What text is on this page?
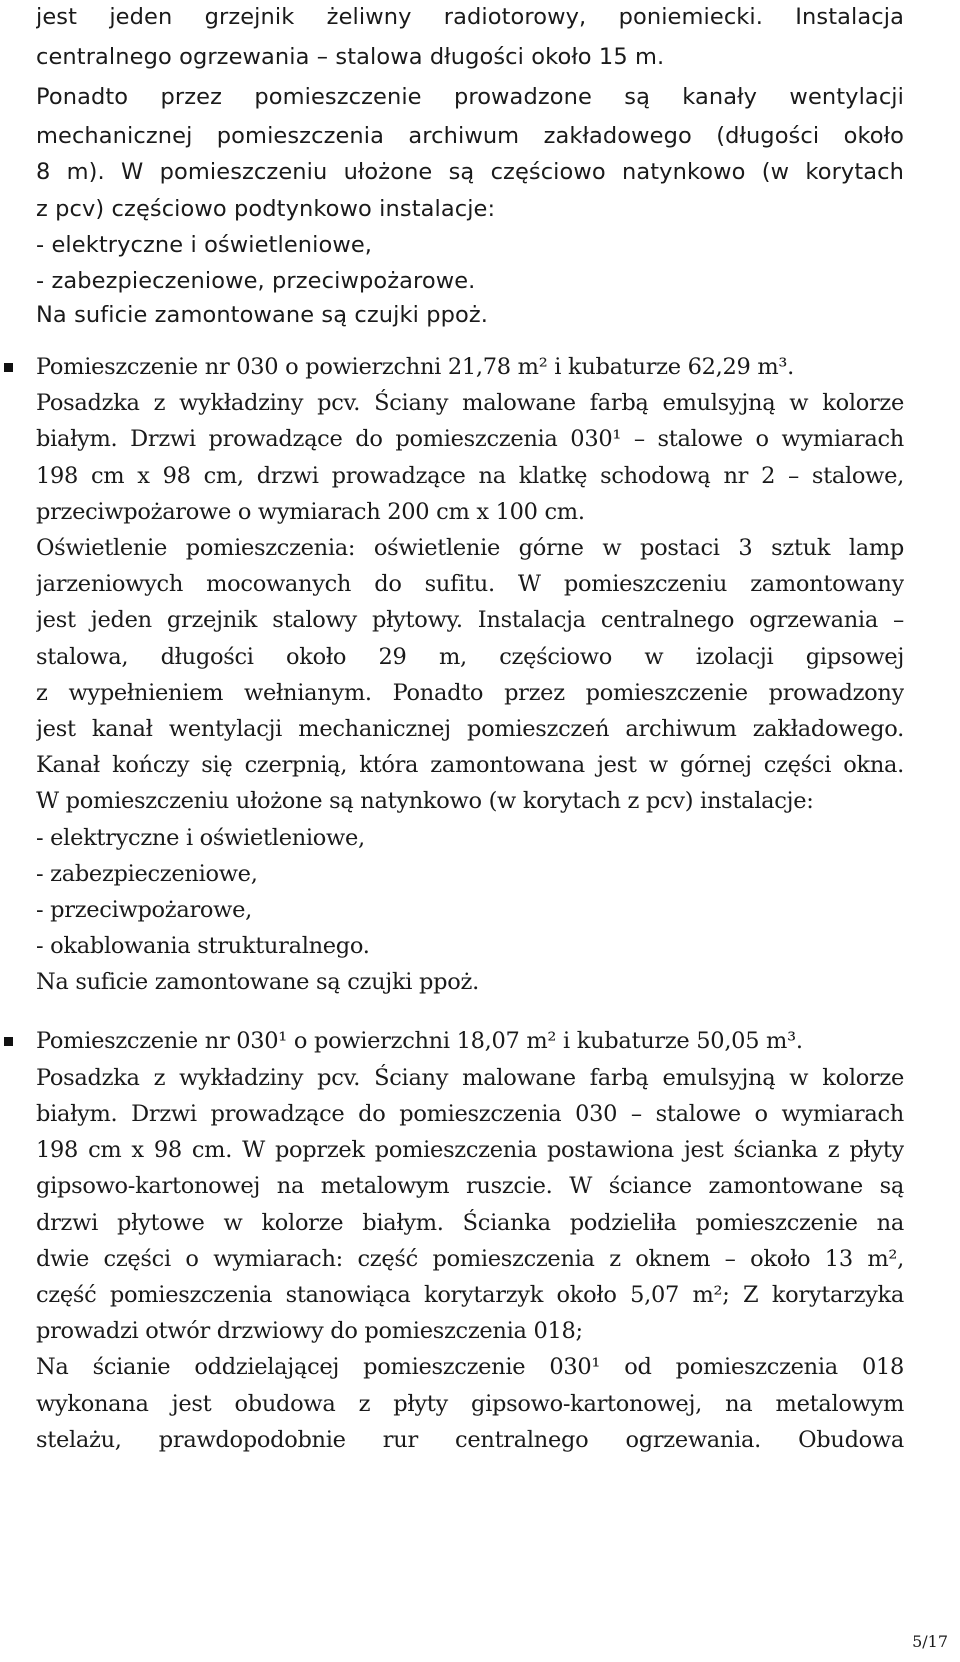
jest jeden grzejnik żeliwny radiotorowy, poniemiecki. Instalacja
centralnego ogrzewania – stalowa długości około 15 m.
Ponadto przez pomieszczenie prowadzone są kanały wentylacji
mechanicznej pomieszczenia archiwum zakładowego (długości około
8 m). W pomieszczeniu ułożone są częściowo natynkowo (w korytach
z pcv) częściowo podtynkowo instalacje:
- elektryczne i oświetleniowe,
- zabezpieczeniowe, przeciwpożarowe.
Na suficie zamontowane są czujki ppoż.
Pomieszczenie nr 030 o powierzchni 21,78 m² i kubaturze 62,29 m³.
Posadzka z wykładziny pcv. Ściany malowane farbą emulsyjną w kolorze
białym. Drzwi prowadzące do pomieszczenia 030¹ – stalowe o wymiarach
198 cm x 98 cm, drzwi prowadzące na klatkę schodową nr 2 – stalowe,
przeciwpożarowe o wymiarach 200 cm x 100 cm.
Oświetlenie pomieszczenia: oświetlenie górne w postaci 3 sztuk lamp
jarzeniowych mocowanych do sufitu. W pomieszczeniu zamontowany
jest jeden grzejnik stalowy płytowy. Instalacja centralnego ogrzewania –
stalowa, długości około 29 m, częściowo w izolacji gipsowej
z wypełnieniem wełnianym. Ponadto przez pomieszczenie prowadzony
jest kanał wentylacji mechanicznej pomieszczeń archiwum zakładowego.
Kanał kończy się czerpnią, która zamontowana jest w górnej części okna.
W pomieszczeniu ułożone są natynkowo (w korytach z pcv) instalacje:
- elektryczne i oświetleniowe,
- zabezpieczeniowe,
- przeciwpożarowe,
- okablowania strukturalnego.
Na suficie zamontowane są czujki ppoż.
Pomieszczenie nr 030¹ o powierzchni 18,07 m² i kubaturze 50,05 m³.
Posadzka z wykładziny pcv. Ściany malowane farbą emulsyjną w kolorze
białym. Drzwi prowadzące do pomieszczenia 030 – stalowe o wymiarach
198 cm x 98 cm. W poprzek pomieszczenia postawiona jest ścianka z płyty
gipsowo-kartonowej na metalowym ruszcie. W ściance zamontowane są
drzwi płytowe w kolorze białym. Ścianka podzieliła pomieszczenie na
dwie części o wymiarach: część pomieszczenia z oknem – około 13 m²,
część pomieszczenia stanowiąca korytarzyk około 5,07 m²; Z korytarzyka
prowadzi otwór drzwiowy do pomieszczenia 018;
Na ścianie oddzielającej pomieszczenie 030¹ od pomieszczenia 018
wykonana jest obudowa z płyty gipsowo-kartonowej, na metalowym
stelażu, prawdopodobnie rur centralnego ogrzewania. Obudowa
5/17
